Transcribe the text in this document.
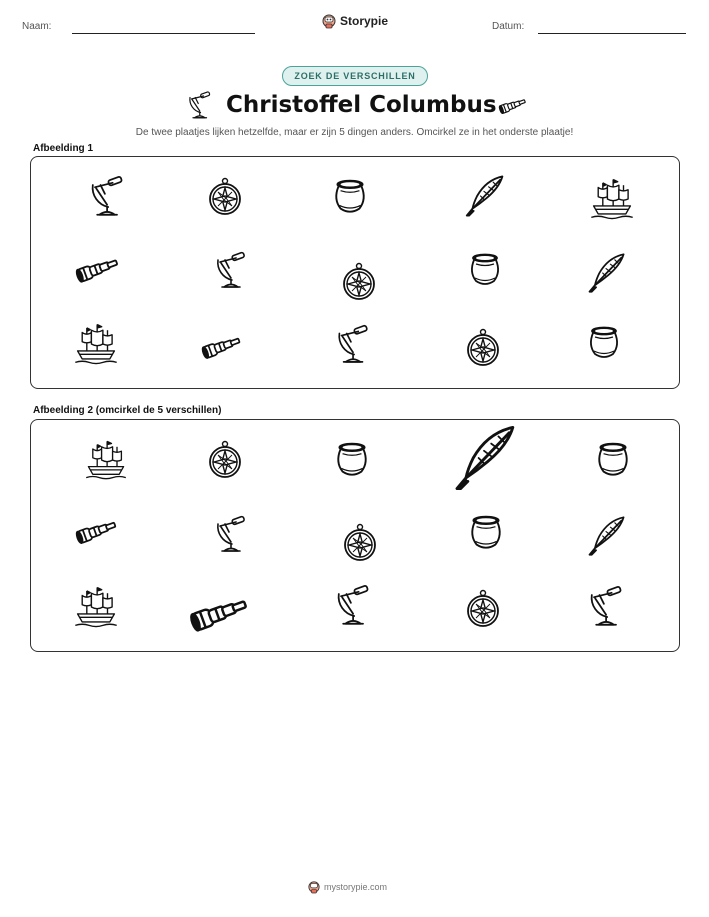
Naam:	Storypie	Datum:
ZOEK DE VERSCHILLEN
Christoffel Columbus
De twee plaatjes lijken hetzelfde, maar er zijn 5 dingen anders. Omcirkel ze in het onderste plaatje!
Afbeelding 1
Afbeelding 2 (omcirkel de 5 verschillen)
mystorypie.com
